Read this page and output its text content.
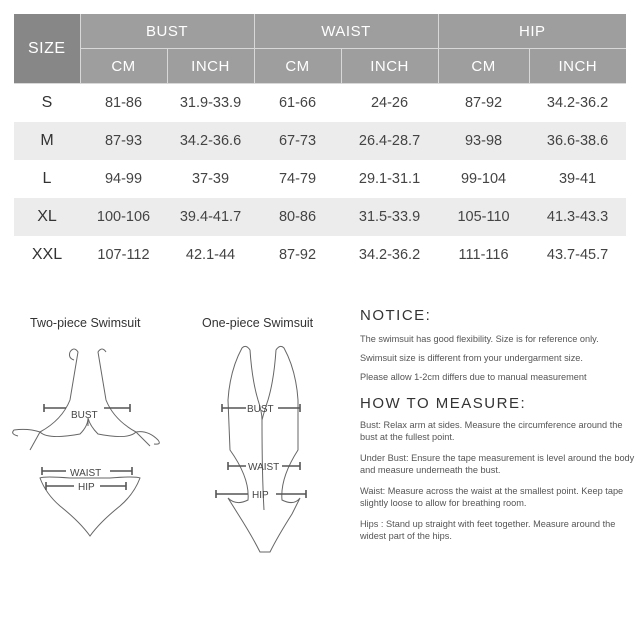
SIZE	BUST		WAIST		HIP	
	CM	INCH	CM	INCH	CM	INCH
S	81-86	31.9-33.9	61-66	24-26	87-92	34.2-36.2
M	87-93	34.2-36.6	67-73	26.4-28.7	93-98	36.6-38.6
L	94-99	37-39	74-79	29.1-31.1	99-104	39-41
XL	100-106	39.4-41.7	80-86	31.5-33.9	105-110	41.3-43.3
XXL	107-112	42.1-44	87-92	34.2-36.2	111-116	43.7-45.7
Two-piece Swimsuit	One-piece Swimsuit
BUST
WAIST
HIP
BUST
WAIST
HIP
NOTICE:

The swimsuit has good flexibility. Size is for reference only.

Swimsuit size is different from your undergarment size.

Please allow 1-2cm differs due to manual measurement

HOW TO MEASURE:

Bust: Relax arm at sides. Measure the circumference around the bust at the fullest point.

Under Bust: Ensure the tape measurement is level around the body and measure underneath the bust.

Waist: Measure across the waist at the smallest point. Keep tape slightly loose to allow for breathing room.

Hips : Stand up straight with feet together. Measure around the widest part of the hips.
